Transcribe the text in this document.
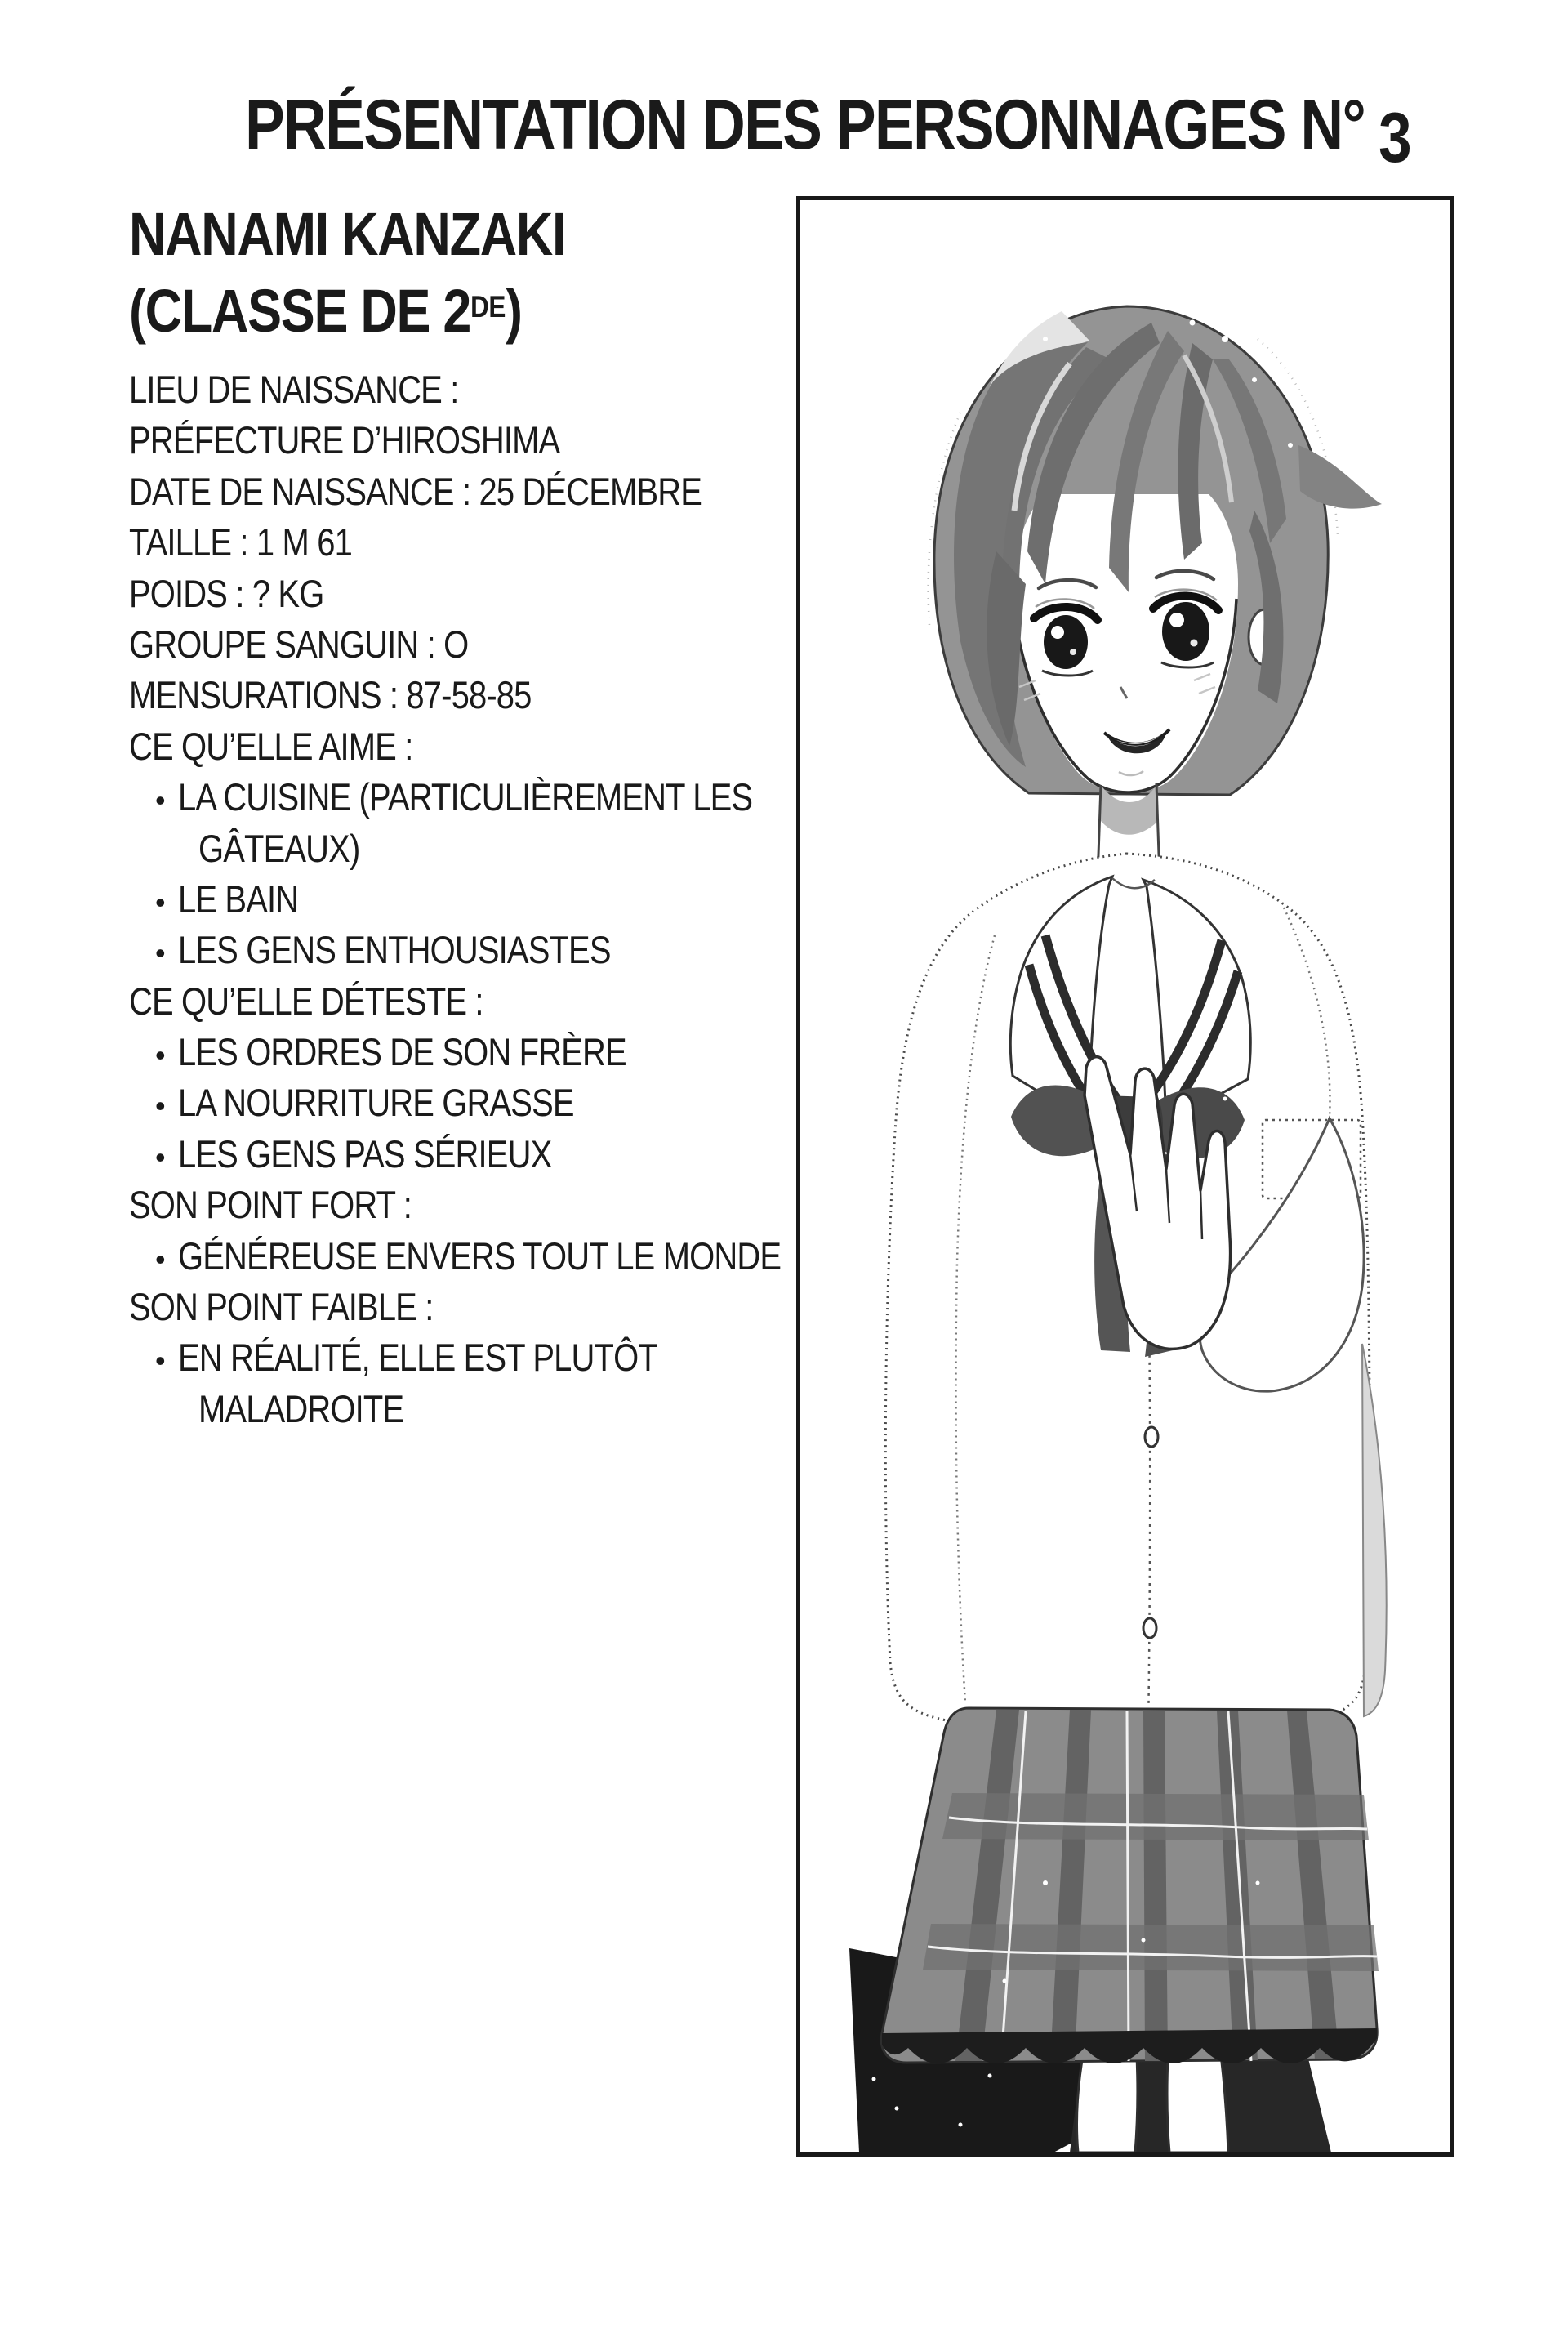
PRÉSENTATION DES PERSONNAGES N° 3
NANAMI KANZAKI
(CLASSE DE 2DE)
LIEU DE NAISSANCE :
PRÉFECTURE D’HIROSHIMA
DATE DE NAISSANCE : 25 DÉCEMBRE
TAILLE : 1 M 61
POIDS : ? KG
GROUPE SANGUIN : O
MENSURATIONS : 87-58-85
CE QU’ELLE AIME :
• LA CUISINE (PARTICULIÈREMENT LES
GÂTEAUX)
• LE BAIN
• LES GENS ENTHOUSIASTES
CE QU’ELLE DÉTESTE :
• LES ORDRES DE SON FRÈRE
• LA NOURRITURE GRASSE
• LES GENS PAS SÉRIEUX
SON POINT FORT :
• GÉNÉREUSE ENVERS TOUT LE MONDE
SON POINT FAIBLE :
• EN RÉALITÉ, ELLE EST PLUTÔT
MALADROITE
